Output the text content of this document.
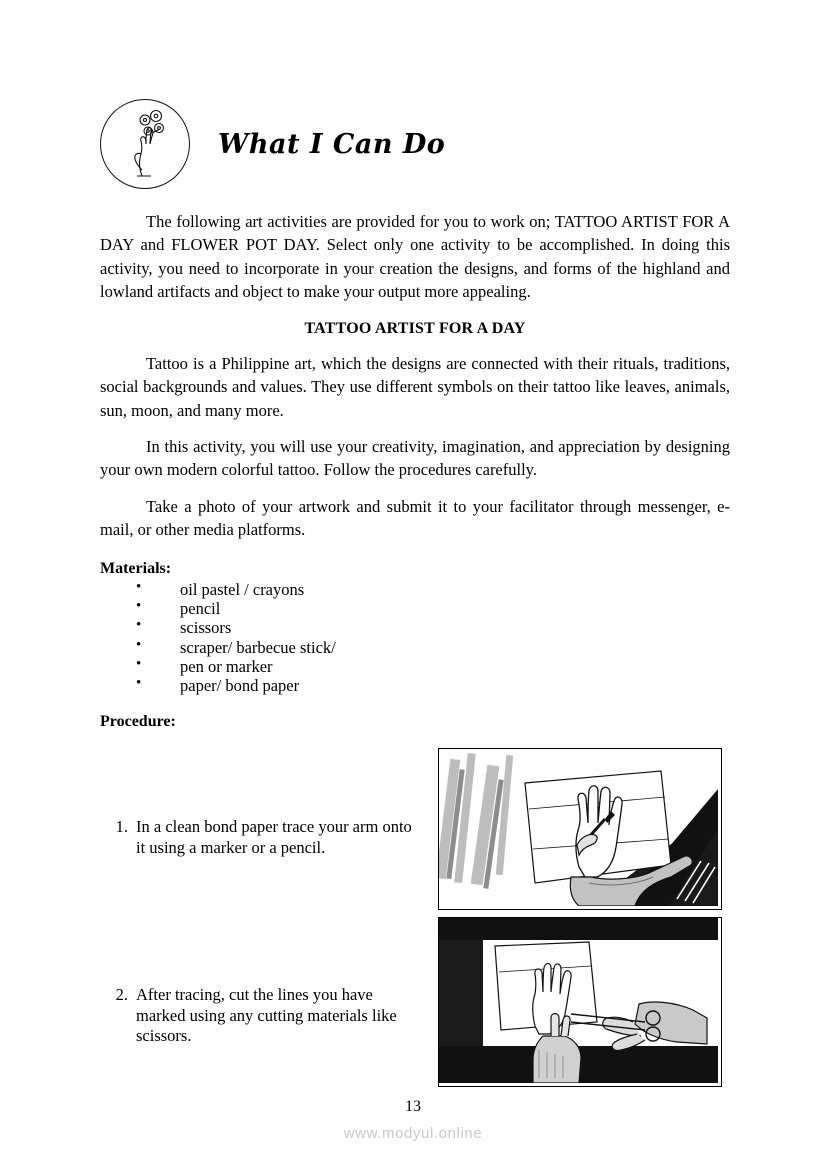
What I Can Do

The following art activities are provided for you to work on; TATTOO ARTIST FOR A DAY and FLOWER POT DAY. Select only one activity to be accomplished. In doing this activity, you need to incorporate in your creation the designs, and forms of the highland and lowland artifacts and object to make your output more appealing.

TATTOO ARTIST FOR A DAY

Tattoo is a Philippine art, which the designs are connected with their rituals, traditions, social backgrounds and values. They use different symbols on their tattoo like leaves, animals, sun, moon, and many more.

In this activity, you will use your creativity, imagination, and appreciation by designing your own modern colorful tattoo. Follow the procedures carefully.

Take a photo of your artwork and submit it to your facilitator through messenger, e-mail, or other media platforms.

Materials:
• oil pastel / crayons
• pencil
• scissors
• scraper/ barbecue stick/
• pen or marker
• paper/ bond paper
Procedure:
1. In a clean bond paper trace your arm onto it using a marker or a pencil.
2. After tracing, cut the lines you have marked using any cutting materials like scissors.
13
www.modyul.online
